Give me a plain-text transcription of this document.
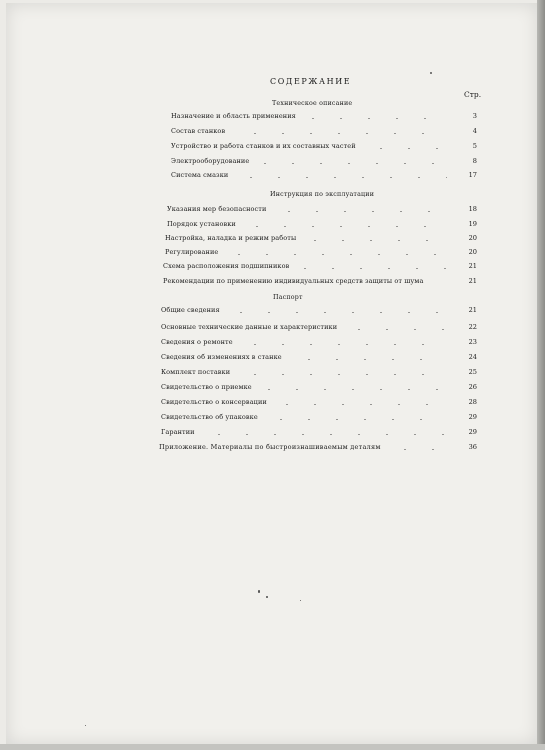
СОДЕРЖАНИЕ
Стр.
Техническое описание
Назначение и область применения	3
Состав станков	4
Устройство и работа станков и их составных частей	5
Электрооборудование	8
Система смазки	17
Инструкция по эксплуатации
Указания мер безопасности	18
Порядок установки	19
Настройка, наладка и режим работы	20
Регулирование	20
Схема расположения подшипников	21
Рекомендации по применению индивидуальных средств защиты от шума	21
Паспорт
Общие сведения	21
Основные технические данные и характеристики	22
Сведения о ремонте	23
Сведения об изменениях в станке	24
Комплект поставки	25
Свидетельство о приемке	26
Свидетельство о консервации	28
Свидетельство об упаковке	29
Гарантии	29
Приложение. Материалы по быстроизнашиваемым деталям	36
